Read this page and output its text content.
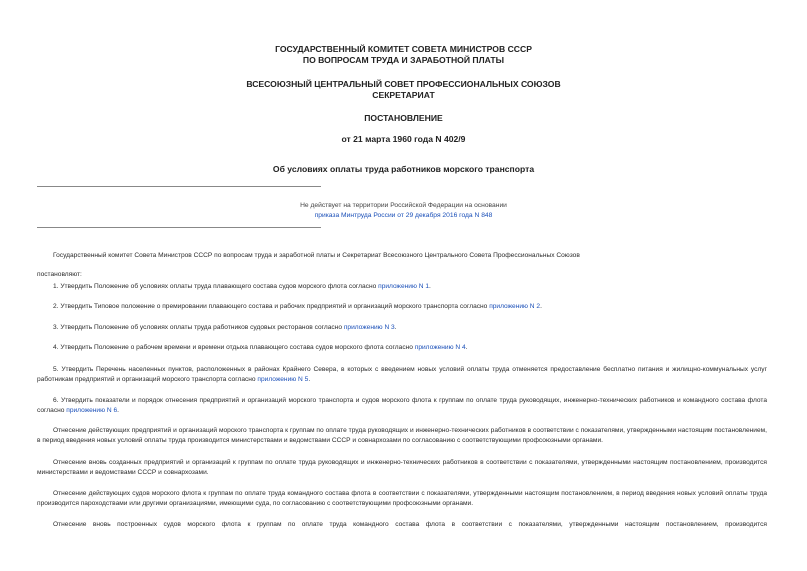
ГОСУДАРСТВЕННЫЙ КОМИТЕТ СОВЕТА МИНИСТРОВ СССР
ПО ВОПРОСАМ ТРУДА И ЗАРАБОТНОЙ ПЛАТЫ
ВСЕСОЮЗНЫЙ ЦЕНТРАЛЬНЫЙ СОВЕТ ПРОФЕССИОНАЛЬНЫХ СОЮЗОВ
СЕКРЕТАРИАТ
ПОСТАНОВЛЕНИЕ
от 21 марта 1960 года N 402/9
Об условиях оплаты труда работников морского транспорта
Не действует на территории Российской Федерации на основании
приказа Минтруда России от 29 декабря 2016 года N 848
Государственный комитет Совета Министров СССР по вопросам труда и заработной платы и Секретариат Всесоюзного Центрального Совета Профессиональных Союзов
постановляют:
1. Утвердить Положение об условиях оплаты труда плавающего состава судов морского флота согласно приложению N 1.
2. Утвердить Типовое положение о премировании плавающего состава и рабочих предприятий и организаций морского транспорта согласно приложению N 2.
3. Утвердить Положение об условиях оплаты труда работников судовых ресторанов согласно приложению N 3.
4. Утвердить Положение о рабочем времени и времени отдыха плавающего состава судов морского флота согласно приложению N 4.
5. Утвердить Перечень населенных пунктов, расположенных в районах Крайнего Севера, в которых с введением новых условий оплаты труда отменяется предоставление бесплатно питания и жилищно-коммунальных услуг работникам предприятий и организаций морского транспорта согласно приложению N 5.
6. Утвердить показатели и порядок отнесения предприятий и организаций морского транспорта и судов морского флота к группам по оплате труда руководящих, инженерно-технических работников и командного состава флота согласно приложению N 6.
Отнесение действующих предприятий и организаций морского транспорта к группам по оплате труда руководящих и инженерно-технических работников в соответствии с показателями, утвержденными настоящим постановлением, в период введения новых условий оплаты труда производится министерствами и ведомствами СССР и совнархозами по согласованию с соответствующими профсоюзными органами.
Отнесение вновь созданных предприятий и организаций к группам по оплате труда руководящих и инженерно-технических работников в соответствии с показателями, утвержденными настоящим постановлением, производится министерствами и ведомствами СССР и совнархозами.
Отнесение действующих судов морского флота к группам по оплате труда командного состава флота в соответствии с показателями, утвержденными настоящим постановлением, в период введения новых условий оплаты труда производится пароходствами или другими организациями, имеющими суда, по согласованию с соответствующими профсоюзными органами.
Отнесение вновь построенных судов морского флота к группам по оплате труда командного состава флота в соответствии с показателями, утвержденными настоящим постановлением, производится
